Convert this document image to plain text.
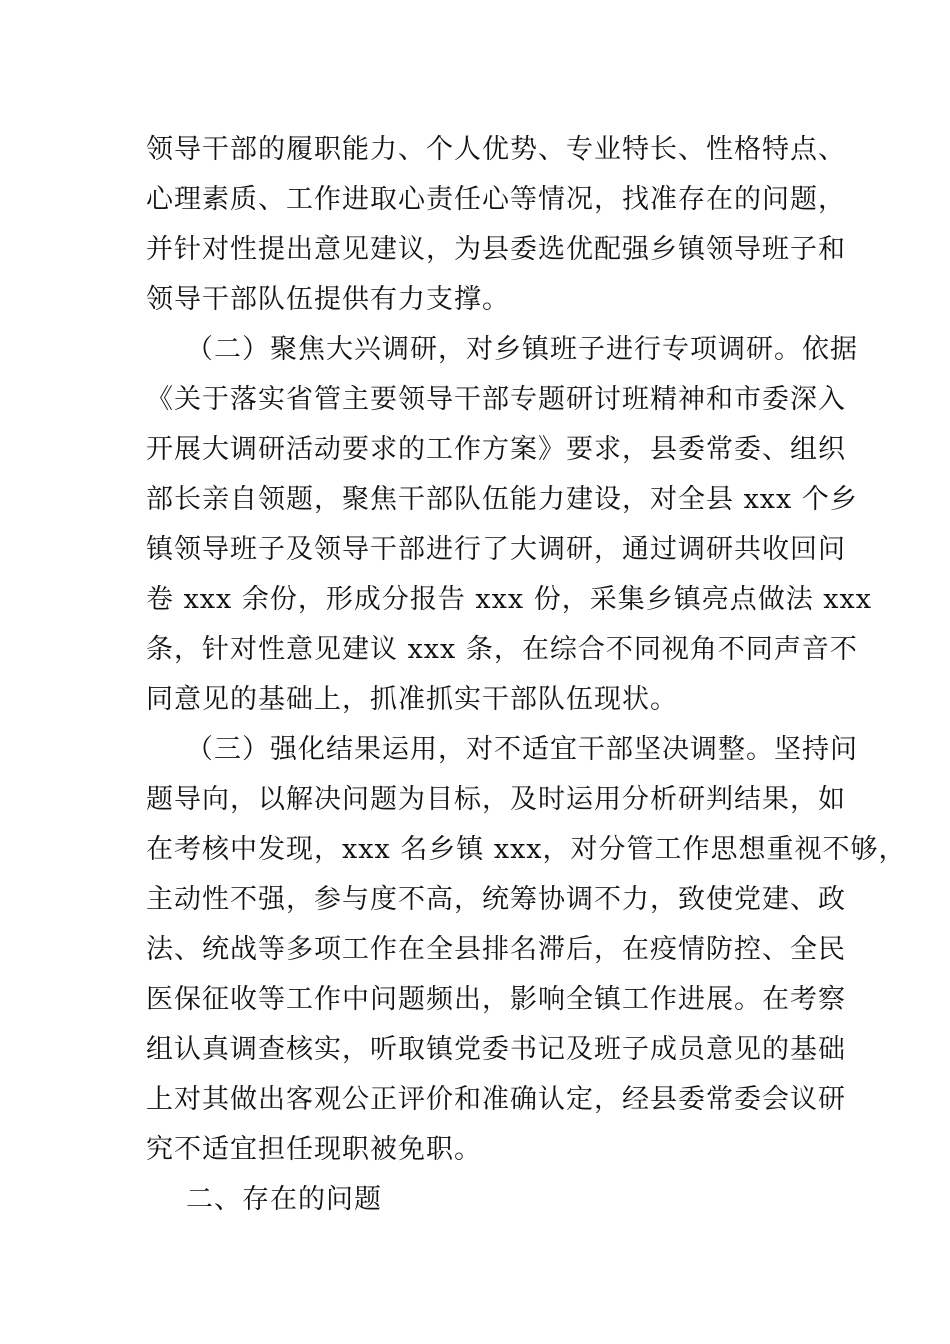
领导干部的履职能力、个人优势、专业特长、性格特点、
心理素质、工作进取心责任心等情况，找准存在的问题，
并针对性提出意见建议，为县委选优配强乡镇领导班子和
领导干部队伍提供有力支撑。
（二）聚焦大兴调研，对乡镇班子进行专项调研。依据
《关于落实省管主要领导干部专题研讨班精神和市委深入
开展大调研活动要求的工作方案》要求，县委常委、组织
部长亲自领题，聚焦干部队伍能力建设，对全县 xxx 个乡
镇领导班子及领导干部进行了大调研，通过调研共收回问
卷 xxx 余份，形成分报告 xxx 份，采集乡镇亮点做法 xxx
条，针对性意见建议 xxx 条，在综合不同视角不同声音不
同意见的基础上，抓准抓实干部队伍现状。
（三）强化结果运用，对不适宜干部坚决调整。坚持问
题导向，以解决问题为目标，及时运用分析研判结果，如
在考核中发现，xxx 名乡镇 xxx，对分管工作思想重视不够，
主动性不强，参与度不高，统筹协调不力，致使党建、政
法、统战等多项工作在全县排名滞后，在疫情防控、全民
医保征收等工作中问题频出，影响全镇工作进展。在考察
组认真调查核实，听取镇党委书记及班子成员意见的基础
上对其做出客观公正评价和准确认定，经县委常委会议研
究不适宜担任现职被免职。
二、存在的问题
